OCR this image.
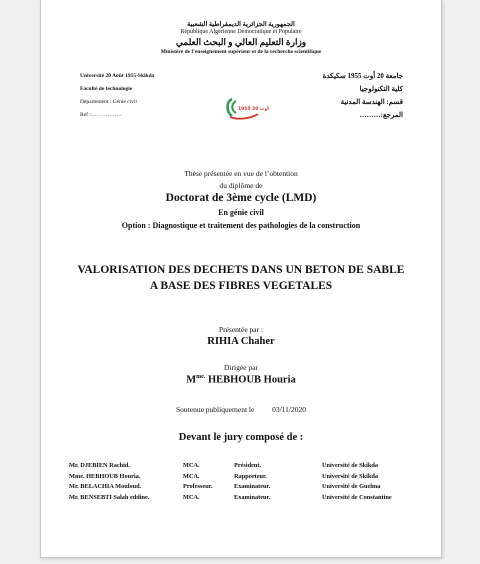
الجمهورية الجزائرية الديمقراطية الشعبية
République Algérienne Démocratique et Populaire
وزارة التعليم العالي و البحث العلمي
Ministère de l’enseignement supérieur et de la recherche scientifique
Université 20 Août 1955-Skikda
Faculté de technologie
Département : Génie civil
Ref :……………..
1955 أوت 20
جامعة 20 أوت 1955 سكيكدة
كلية التكنولوجيا
قسم: الهندسة المدنية
المرجع:………
Thèse présentée en vue de l’obtention
du diplôme de
Doctorat de 3ème cycle (LMD)
En génie civil
Option : Diagnostique et traitement des pathologies de la construction
VALORISATION DES DECHETS DANS UN BETON DE SABLE
A BASE DES FIBRES VEGETALES
Présentée par :
RIHIA Chaher
Dirigée par
$M^{me.}$ HEBHOUB Houria
Soutenue publiquement le 03/11/2020
Devant le jury composé de :
Mr. DJEBIEN Rachid.	MCA.	Président.	Université de Skikda
Mme. HEBHOUB Houria.	MCA.	Rapporteur.	Université de Skikda
Mr. BELACHIA Mouloud.	Professeur.	Examinateur.	Université de Guelma
Mr. BENSEBTI Salah eddine.	MCA.	Examinateur.	Université de Constantine
